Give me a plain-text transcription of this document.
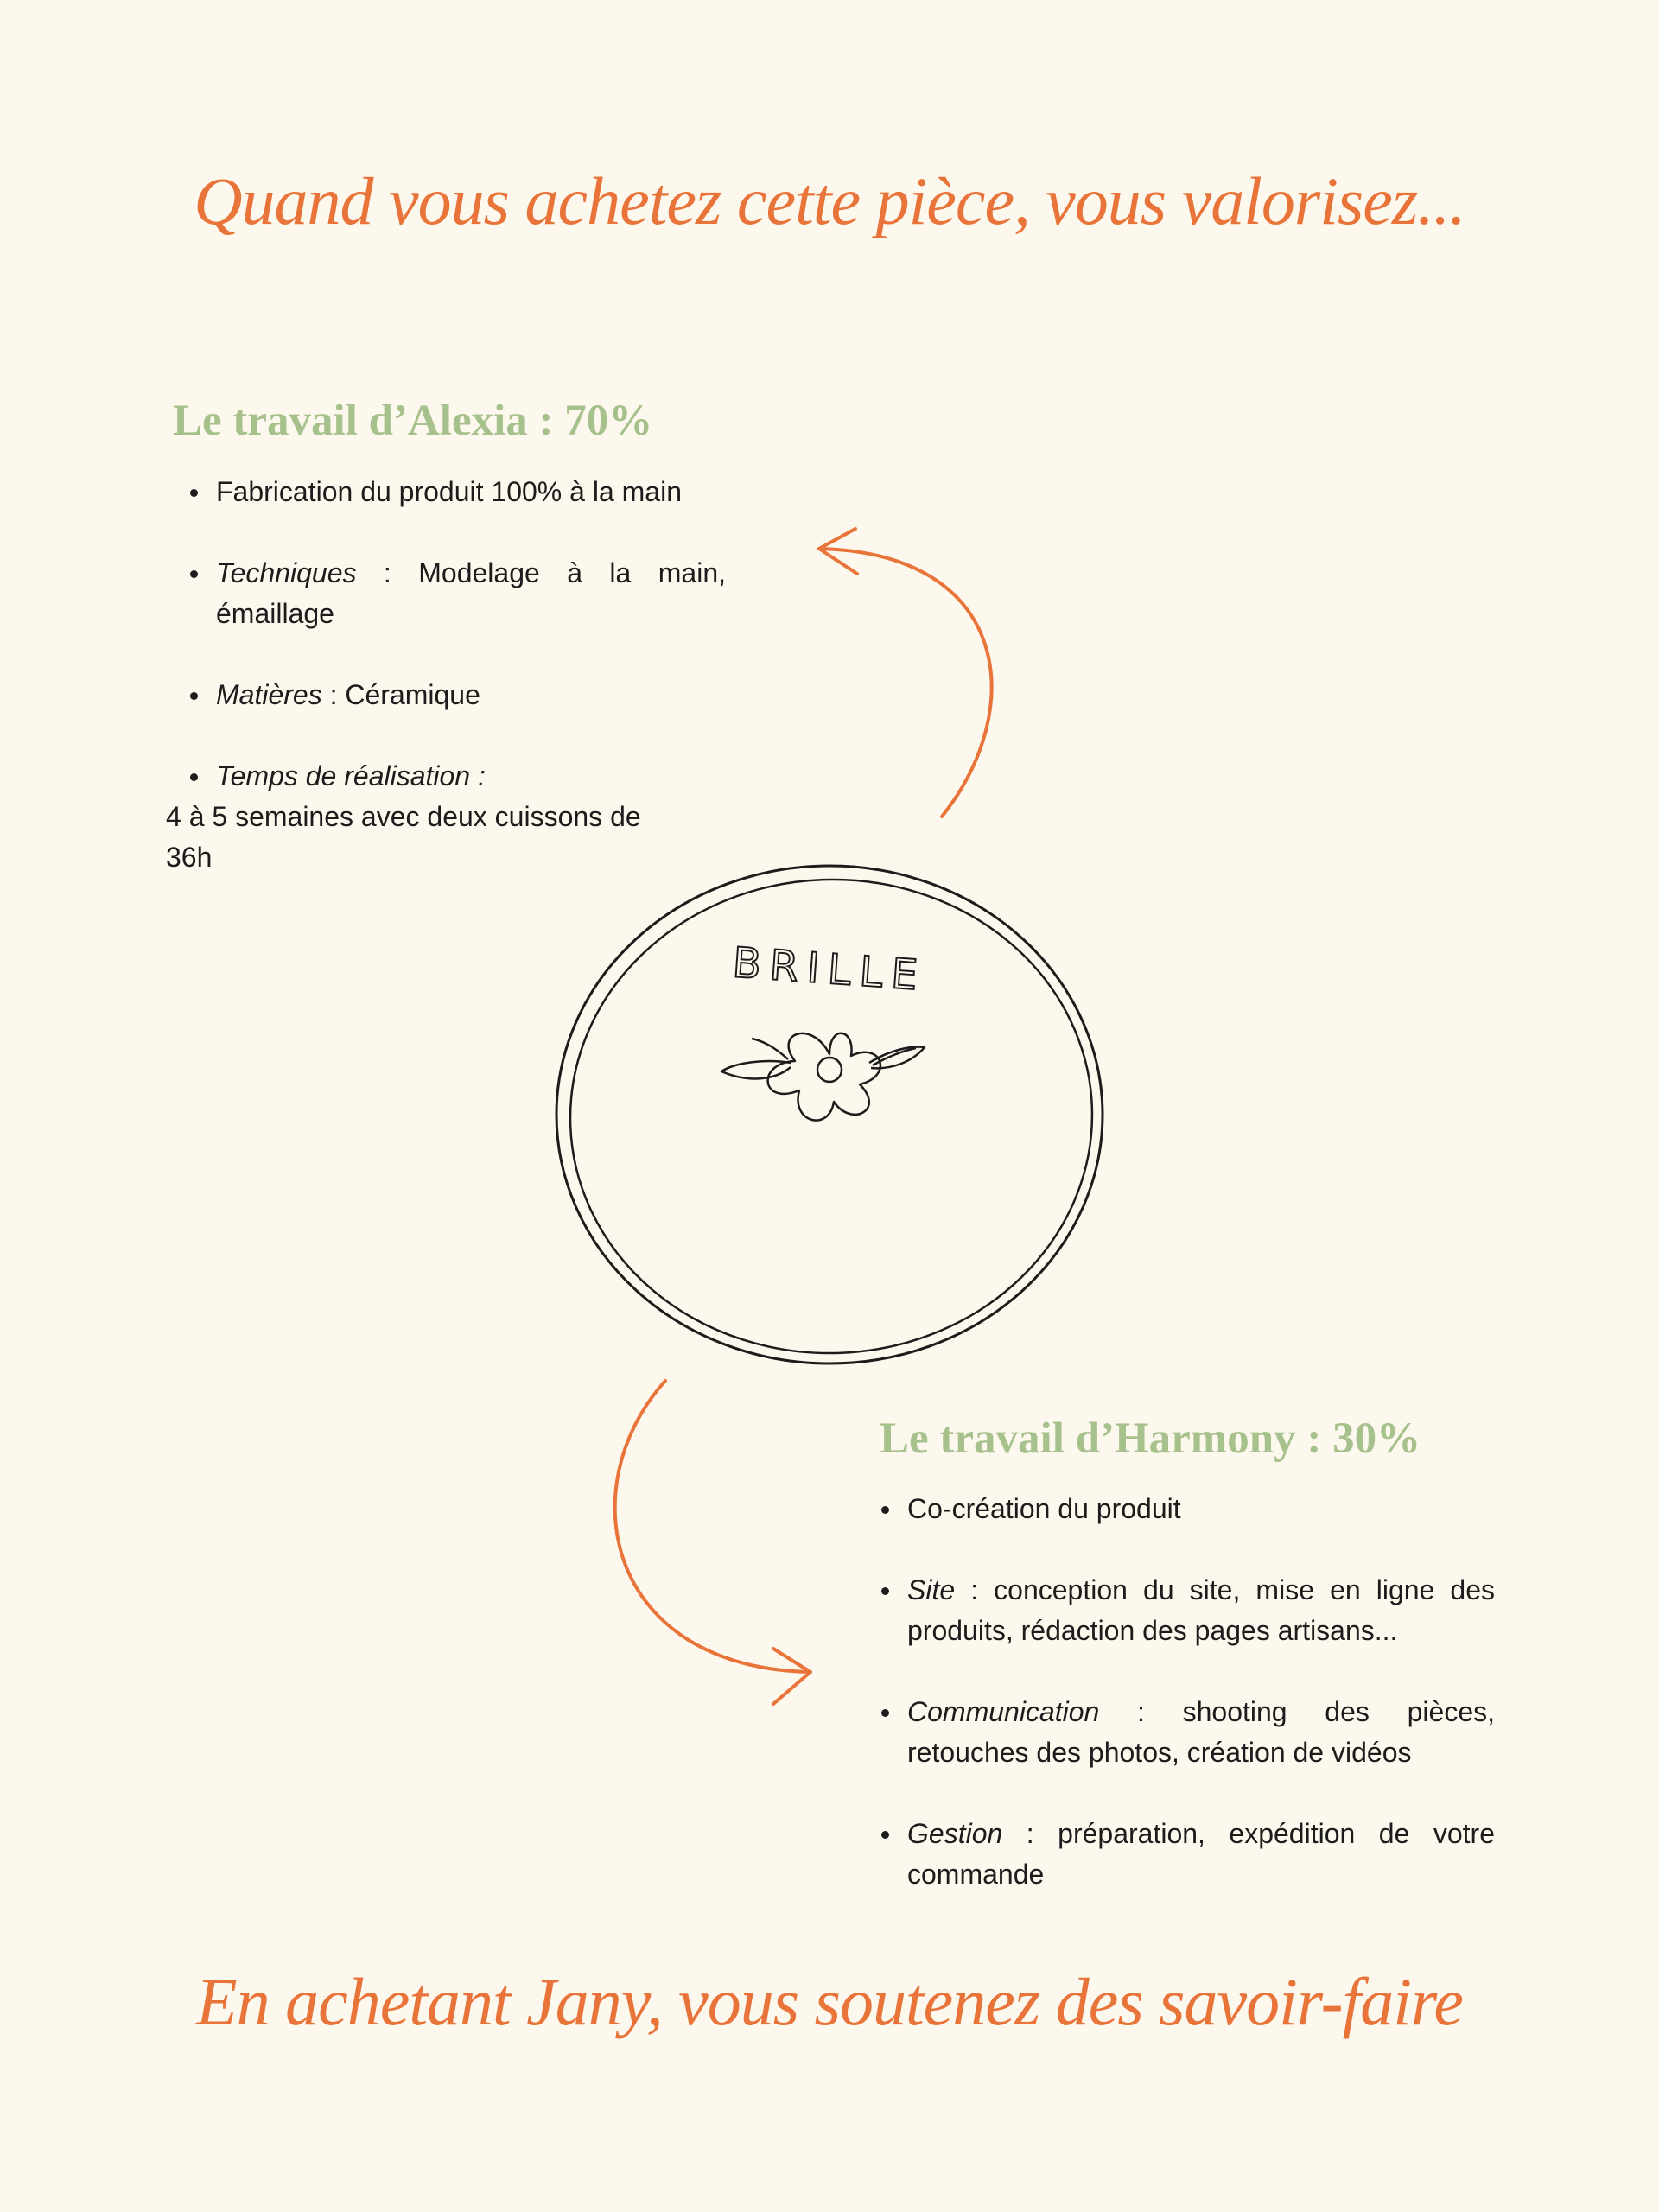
Quand vous achetez cette pièce, vous valorisez...
Le travail d’Alexia : 70%
Fabrication du produit 100% à la main
Techniques : Modelage à la main, émaillage
Matières : Céramique
Temps de réalisation :
4 à 5 semaines avec deux cuissons de 36h
BRILLE
Le travail d’Harmony : 30%
Co-création du produit
Site : conception du site, mise en ligne des produits, rédaction des pages artisans...
Communication : shooting des pièces, retouches des photos, création de vidéos
Gestion : préparation, expédition de votre commande
En achetant Jany, vous soutenez des savoir-faire
